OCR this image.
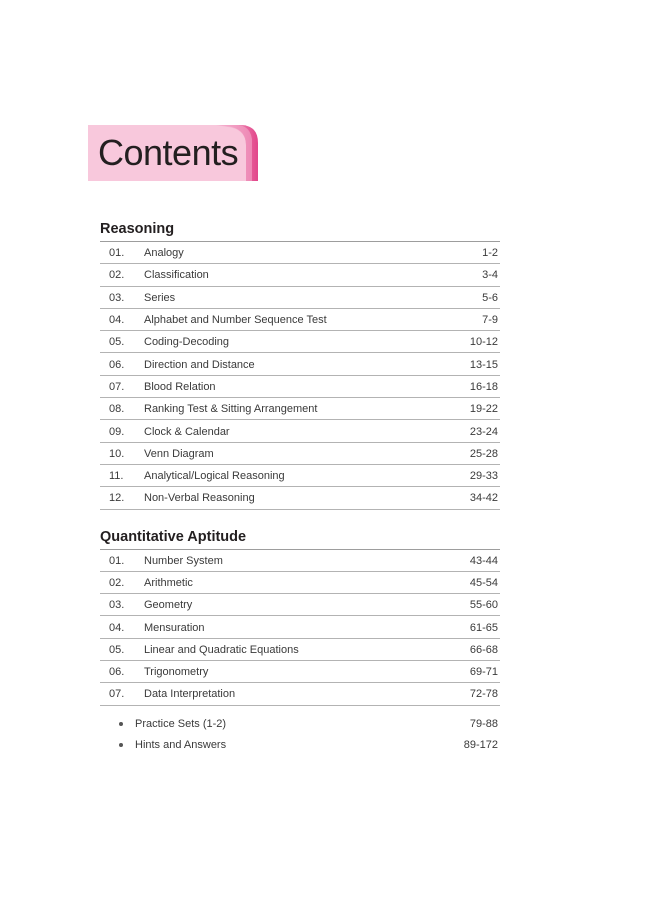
Contents
Reasoning
01.	Analogy	1-2
02.	Classification	3-4
03.	Series	5-6
04.	Alphabet and Number Sequence Test	7-9
05.	Coding-Decoding	10-12
06.	Direction and Distance	13-15
07.	Blood Relation	16-18
08.	Ranking Test & Sitting Arrangement	19-22
09.	Clock & Calendar	23-24
10.	Venn Diagram	25-28
11.	Analytical/Logical Reasoning	29-33
12.	Non-Verbal Reasoning	34-42
Quantitative Aptitude
01.	Number System	43-44
02.	Arithmetic	45-54
03.	Geometry	55-60
04.	Mensuration	61-65
05.	Linear and Quadratic Equations	66-68
06.	Trigonometry	69-71
07.	Data Interpretation	72-78
Practice Sets (1-2)	79-88
Hints and Answers	89-172
